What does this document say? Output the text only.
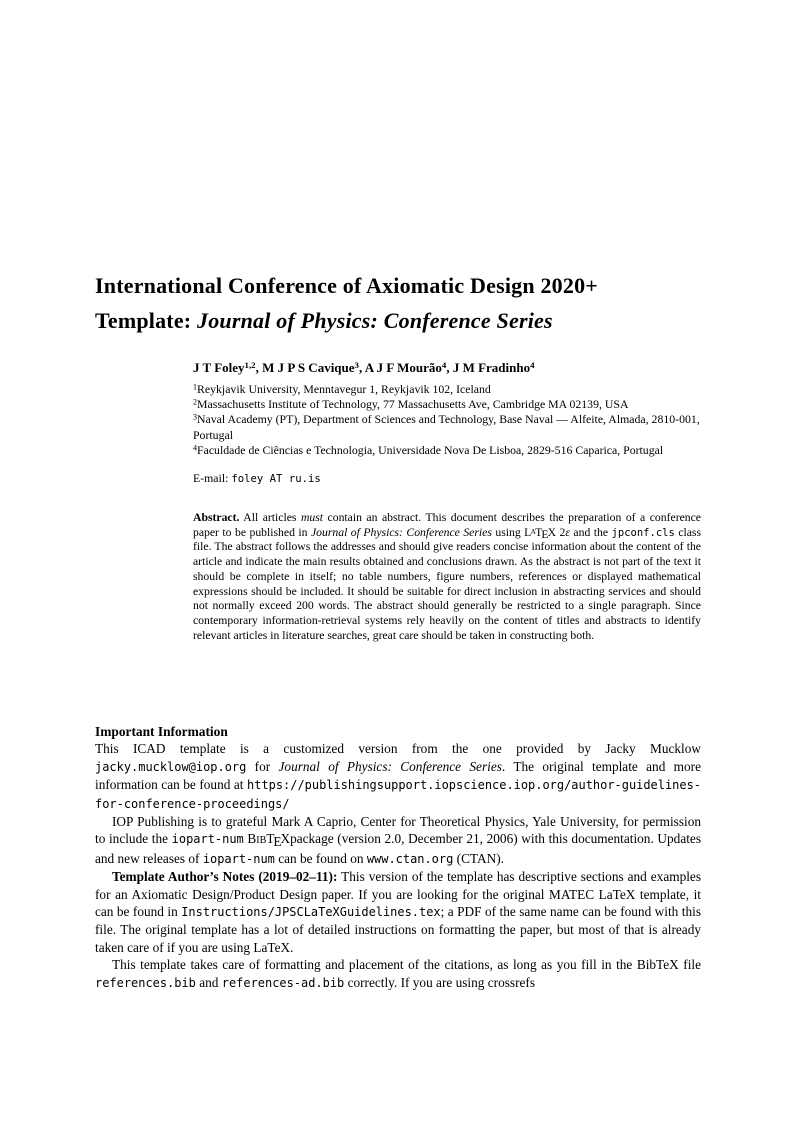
International Conference of Axiomatic Design 2020+
Template: Journal of Physics: Conference Series

J T Foley$^{1,2}$, M J P S Cavique$^3$, A J F Mourão$^4$, J M Fradinho$^4$

$^1$Reykjavik University, Menntavegur 1, Reykjavik 102, Iceland

$^2$Massachusetts Institute of Technology, 77 Massachusetts Ave, Cambridge MA 02139, USA

$^3$Naval Academy (PT), Department of Sciences and Technology, Base Naval — Alfeite, Almada, 2810-001, Portugal

$^4$Faculdade de Ciências e Technologia, Universidade Nova De Lisboa, 2829-516 Caparica, Portugal

E-mail: foley AT ru.is

Abstract. All articles must contain an abstract. This document describes the preparation of a conference paper to be published in Journal of Physics: Conference Series using LATEX 2ε and the jpconf.cls class file. The abstract follows the addresses and should give readers concise information about the content of the article and indicate the main results obtained and conclusions drawn. As the abstract is not part of the text it should be complete in itself; no table numbers, figure numbers, references or displayed mathematical expressions should be included. It should be suitable for direct inclusion in abstracting services and should not normally exceed 200 words. The abstract should generally be restricted to a single paragraph. Since contemporary information-retrieval systems rely heavily on the content of titles and abstracts to identify relevant articles in literature searches, great care should be taken in constructing both.

Important Information

This ICAD template is a customized version from the one provided by Jacky Mucklow jacky.mucklow@iop.org for Journal of Physics: Conference Series. The original template and more information can be found at https://publishingsupport.iopscience.iop.org/author-guidelines-for-conference-proceedings/

IOP Publishing is to grateful Mark A Caprio, Center for Theoretical Physics, Yale University, for permission to include the iopart-num BIBTEXpackage (version 2.0, December 21, 2006) with this documentation. Updates and new releases of iopart-num can be found on www.ctan.org (CTAN).

Template Author’s Notes (2019–02–11): This version of the template has descriptive sections and examples for an Axiomatic Design/Product Design paper. If you are looking for the original MATEC LaTeX template, it can be found in Instructions/JPSCLaTeXGuidelines.tex; a PDF of the same name can be found with this file. The original template has a lot of detailed instructions on formatting the paper, but most of that is already taken care of if you are using LaTeX.

This template takes care of formatting and placement of the citations, as long as you fill in the BibTeX file references.bib and references-ad.bib correctly. If you are using crossrefs
